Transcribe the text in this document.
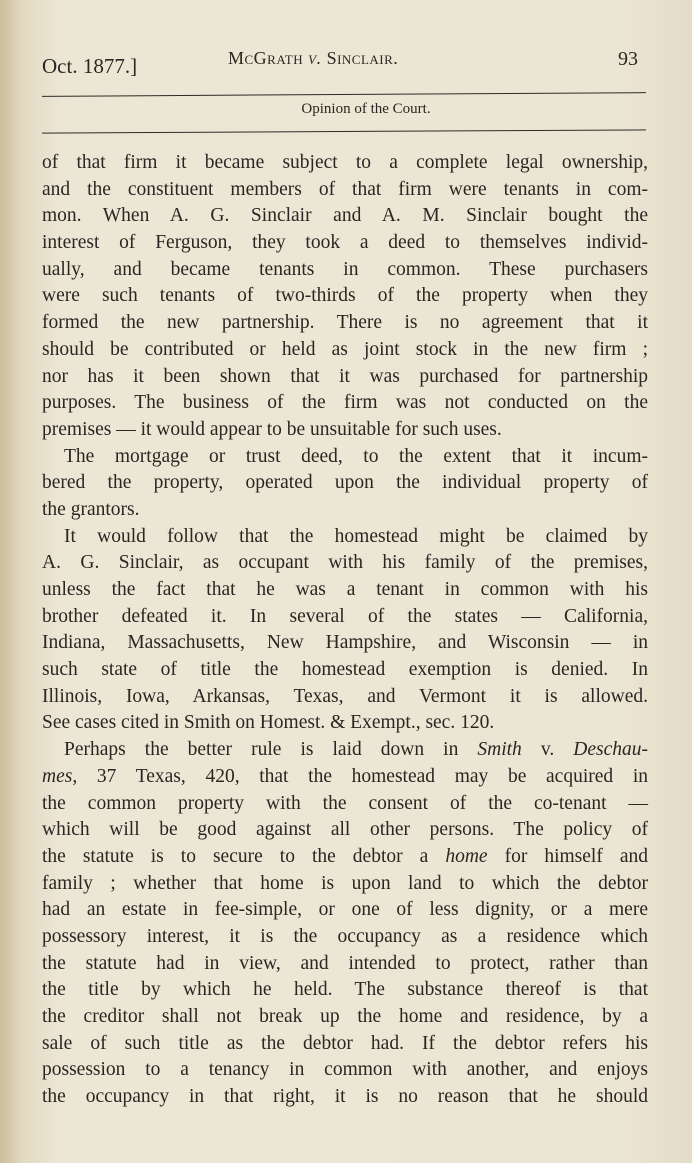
Oct. 1877.]	McGrath v. Sinclair.	93
Opinion of the Court.
of that firm it became subject to a complete legal ownership,
and the constituent members of that firm were tenants in com-
mon. When A. G. Sinclair and A. M. Sinclair bought the
interest of Ferguson, they took a deed to themselves individ-
ually, and became tenants in common. These purchasers
were such tenants of two-thirds of the property when they
formed the new partnership. There is no agreement that it
should be contributed or held as joint stock in the new firm ;
nor has it been shown that it was purchased for partnership
purposes. The business of the firm was not conducted on the
premises — it would appear to be unsuitable for such uses.
The mortgage or trust deed, to the extent that it incum-
bered the property, operated upon the individual property of
the grantors.
It would follow that the homestead might be claimed by
A. G. Sinclair, as occupant with his family of the premises,
unless the fact that he was a tenant in common with his
brother defeated it. In several of the states — California,
Indiana, Massachusetts, New Hampshire, and Wisconsin — in
such state of title the homestead exemption is denied. In
Illinois, Iowa, Arkansas, Texas, and Vermont it is allowed.
See cases cited in Smith on Homest. & Exempt., sec. 120.
Perhaps the better rule is laid down in Smith v. Deschau-
mes, 37 Texas, 420, that the homestead may be acquired in
the common property with the consent of the co-tenant —
which will be good against all other persons. The policy of
the statute is to secure to the debtor a home for himself and
family ; whether that home is upon land to which the debtor
had an estate in fee-simple, or one of less dignity, or a mere
possessory interest, it is the occupancy as a residence which
the statute had in view, and intended to protect, rather than
the title by which he held. The substance thereof is that
the creditor shall not break up the home and residence, by a
sale of such title as the debtor had. If the debtor refers his
possession to a tenancy in common with another, and enjoys
the occupancy in that right, it is no reason that he should
